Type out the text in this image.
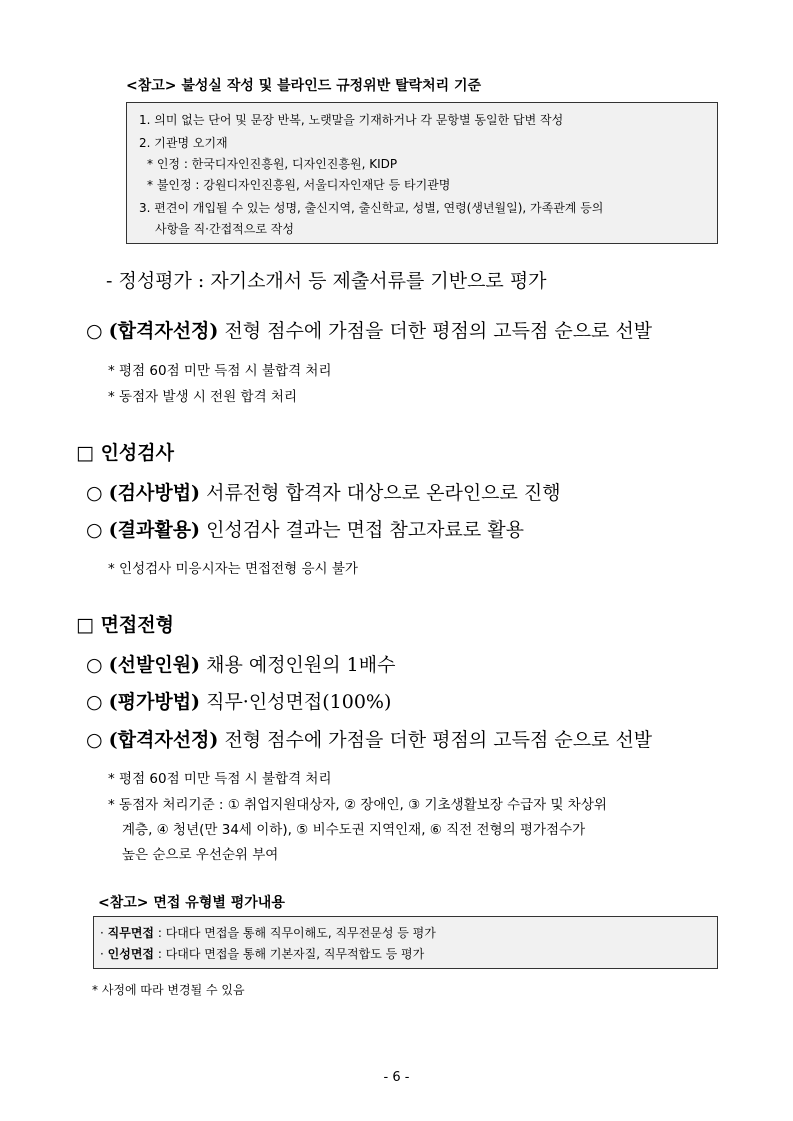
<참고> 불성실 작성 및 블라인드 규정위반 탈락처리 기준
1. 의미 없는 단어 및 문장 반복, 노랫말을 기재하거나 각 문항별 동일한 답변 작성
2. 기관명 오기재
* 인정 : 한국디자인진흥원, 디자인진흥원, KIDP
* 불인정 : 강원디자인진흥원, 서울디자인재단 등 타기관명
3. 편견이 개입될 수 있는 성명, 출신지역, 출신학교, 성별, 연령(생년월일), 가족관계 등의
사항을 직·간접적으로 작성
- 정성평가 : 자기소개서 등 제출서류를 기반으로 평가
○ (합격자선정) 전형 점수에 가점을 더한 평점의 고득점 순으로 선발
* 평점 60점 미만 득점 시 불합격 처리
* 동점자 발생 시 전원 합격 처리
□ 인성검사
○ (검사방법) 서류전형 합격자 대상으로 온라인으로 진행
○ (결과활용) 인성검사 결과는 면접 참고자료로 활용
* 인성검사 미응시자는 면접전형 응시 불가
□ 면접전형
○ (선발인원) 채용 예정인원의 1배수
○ (평가방법) 직무·인성면접(100%)
○ (합격자선정) 전형 점수에 가점을 더한 평점의 고득점 순으로 선발
* 평점 60점 미만 득점 시 불합격 처리
* 동점자 처리기준 : ① 취업지원대상자, ② 장애인, ③ 기초생활보장 수급자 및 차상위
계층, ④ 청년(만 34세 이하), ⑤ 비수도권 지역인재, ⑥ 직전 전형의 평가점수가
높은 순으로 우선순위 부여
<참고> 면접 유형별 평가내용
· 직무면접 : 다대다 면접을 통해 직무이해도, 직무전문성 등 평가
· 인성면접 : 다대다 면접을 통해 기본자질, 직무적합도 등 평가
* 사정에 따라 변경될 수 있음
- 6 -
